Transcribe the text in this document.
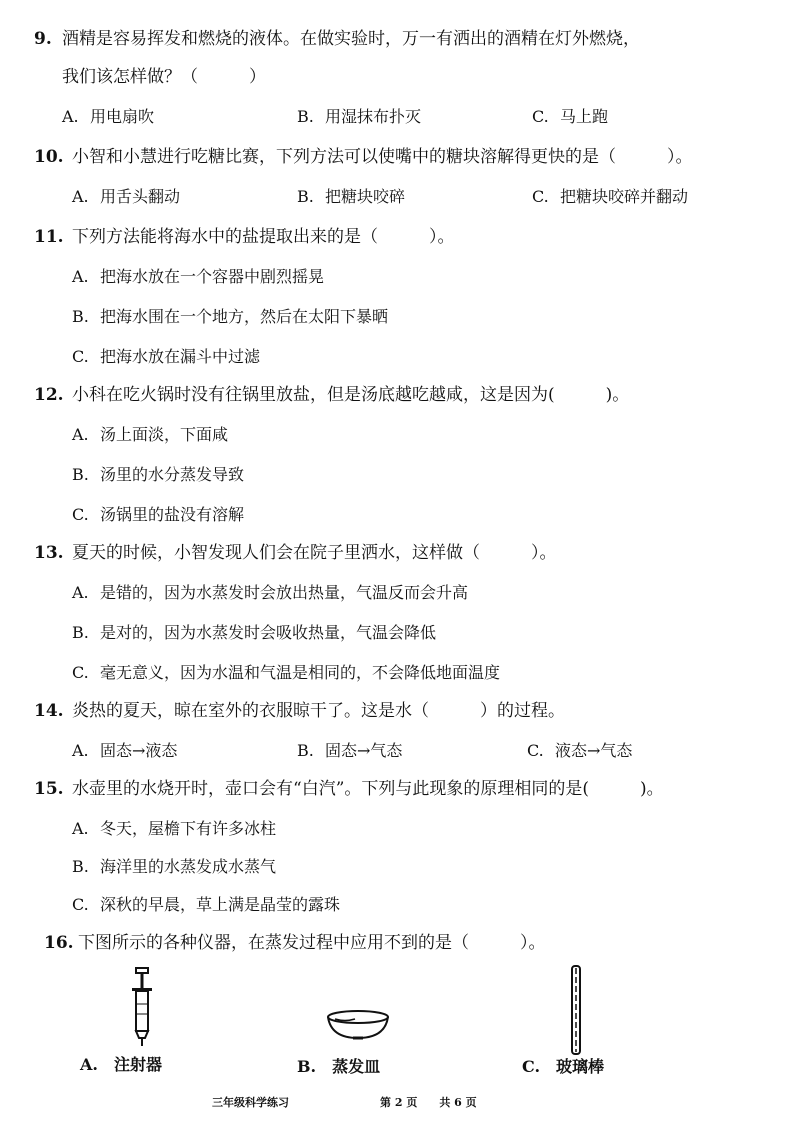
9. 酒精是容易挥发和燃烧的液体。在做实验时，万一有洒出的酒精在灯外燃烧，
我们该怎样做？（　　　）
A. 用电扇吹	B. 用湿抹布扑灭	C. 马上跑
10. 小智和小慧进行吃糖比赛，下列方法可以使嘴中的糖块溶解得更快的是（　　　）。
A. 用舌头翻动	B. 把糖块咬碎	C. 把糖块咬碎并翻动
11. 下列方法能将海水中的盐提取出来的是（　　　）。
A. 把海水放在一个容器中剧烈摇晃
B. 把海水围在一个地方，然后在太阳下暴晒
C. 把海水放在漏斗中过滤
12. 小科在吃火锅时没有往锅里放盐，但是汤底越吃越咸，这是因为(　　　)。
A. 汤上面淡，下面咸
B. 汤里的水分蒸发导致
C. 汤锅里的盐没有溶解
13. 夏天的时候，小智发现人们会在院子里洒水，这样做（　　　）。
A. 是错的，因为水蒸发时会放出热量，气温反而会升高
B. 是对的，因为水蒸发时会吸收热量，气温会降低
C. 毫无意义，因为水温和气温是相同的，不会降低地面温度
14. 炎热的夏天，晾在室外的衣服晾干了。这是水（　　　）的过程。
A. 固态→液态	B. 固态→气态	C. 液态→气态
15. 水壶里的水烧开时，壶口会有“白汽”。下列与此现象的原理相同的是(　　　)。
A. 冬天，屋檐下有许多冰柱
B. 海洋里的水蒸发成水蒸气
C. 深秋的早晨，草上满是晶莹的露珠
16. 下图所示的各种仪器，在蒸发过程中应用不到的是（　　　）。
A.　 注射器	B.　 蒸发皿	C.　 玻璃棒
三年级科学练习	第 2 页　　共 6 页
